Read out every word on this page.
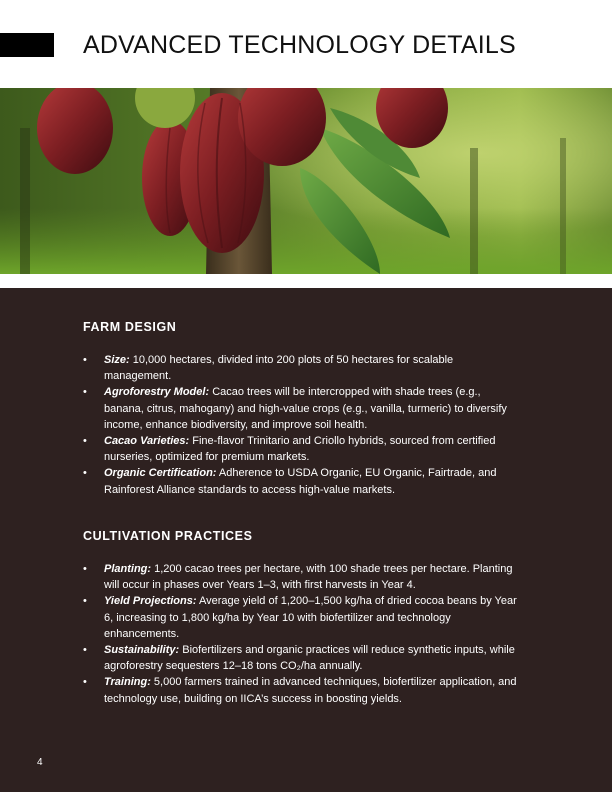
ADVANCED TECHNOLOGY DETAILS
FARM DESIGN
• Size: 10,000 hectares, divided into 200 plots of 50 hectares for scalable management.
• Agroforestry Model: Cacao trees will be intercropped with shade trees (e.g., banana, citrus, mahogany) and high-value crops (e.g., vanilla, turmeric) to diversify income, enhance biodiversity, and improve soil health.
• Cacao Varieties: Fine-flavor Trinitario and Criollo hybrids, sourced from certified nurseries, optimized for premium markets.
• Organic Certification: Adherence to USDA Organic, EU Organic, Fairtrade, and Rainforest Alliance standards to access high-value markets.
CULTIVATION PRACTICES
• Planting: 1,200 cacao trees per hectare, with 100 shade trees per hectare. Planting will occur in phases over Years 1–3, with first harvests in Year 4.
• Yield Projections: Average yield of 1,200–1,500 kg/ha of dried cocoa beans by Year 6, increasing to 1,800 kg/ha by Year 10 with biofertilizer and technology enhancements.
• Sustainability: Biofertilizers and organic practices will reduce synthetic inputs, while agroforestry sequesters 12–18 tons CO₂/ha annually.
• Training: 5,000 farmers trained in advanced techniques, biofertilizer application, and technology use, building on IICA’s success in boosting yields.
4
